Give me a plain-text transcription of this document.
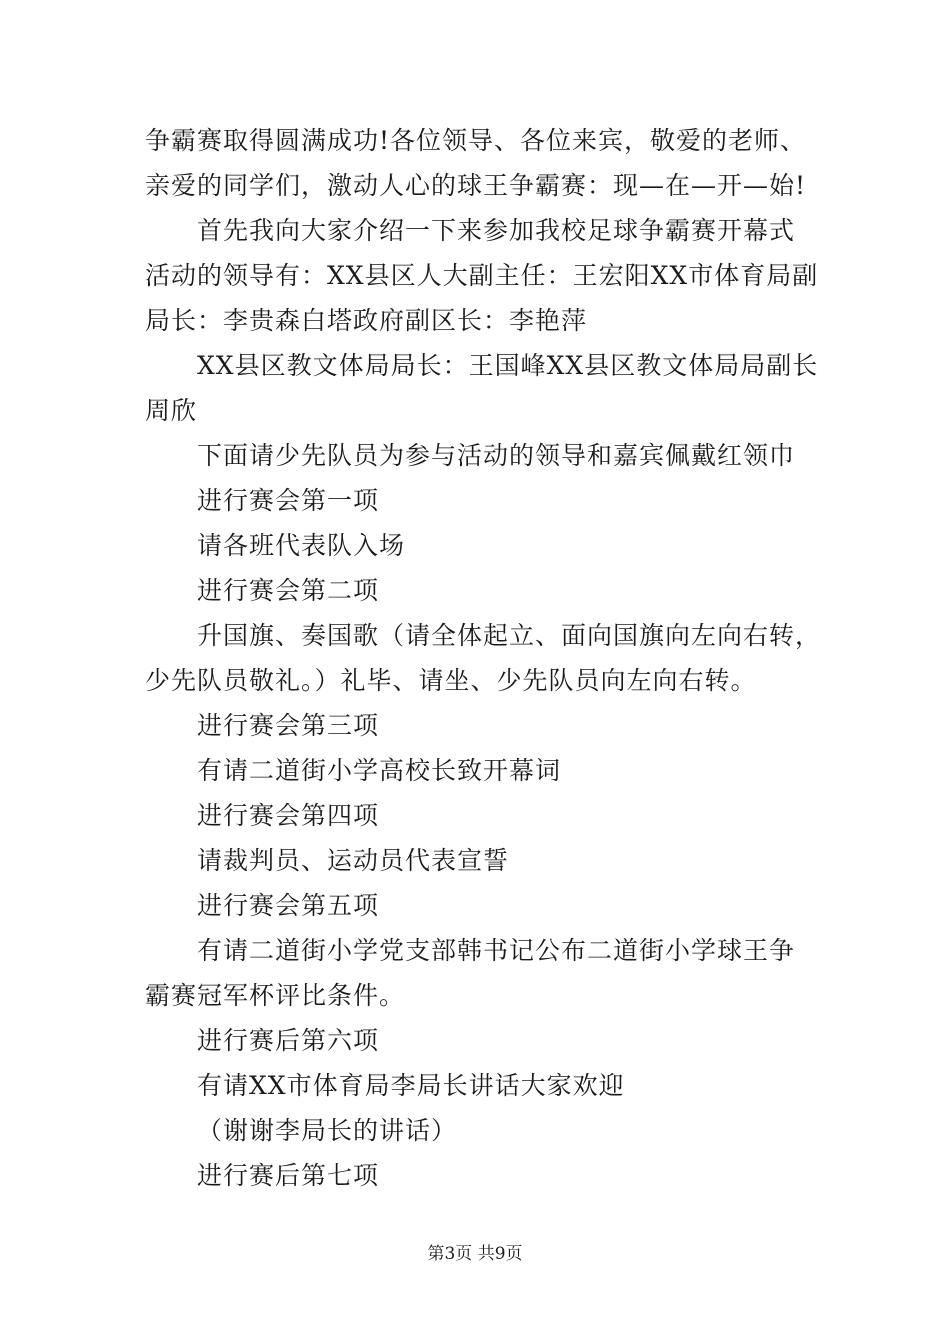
争霸赛取得圆满成功!各位领导、各位来宾，敬爱的老师、
亲爱的同学们，激动人心的球王争霸赛：现—在—开—始!
首先我向大家介绍一下来参加我校足球争霸赛开幕式
活动的领导有：XX县区人大副主任：王宏阳XX市体育局副
局长：李贵森白塔政府副区长：李艳萍
XX县区教文体局局长：王国峰XX县区教文体局局副长
周欣
下面请少先队员为参与活动的领导和嘉宾佩戴红领巾
进行赛会第一项
请各班代表队入场
进行赛会第二项
升国旗、奏国歌（请全体起立、面向国旗向左向右转，
少先队员敬礼。）礼毕、请坐、少先队员向左向右转。
进行赛会第三项
有请二道街小学高校长致开幕词
进行赛会第四项
请裁判员、运动员代表宣誓
进行赛会第五项
有请二道街小学党支部韩书记公布二道街小学球王争
霸赛冠军杯评比条件。
进行赛后第六项
有请XX市体育局李局长讲话大家欢迎
（谢谢李局长的讲话）
进行赛后第七项
第3页 共9页
